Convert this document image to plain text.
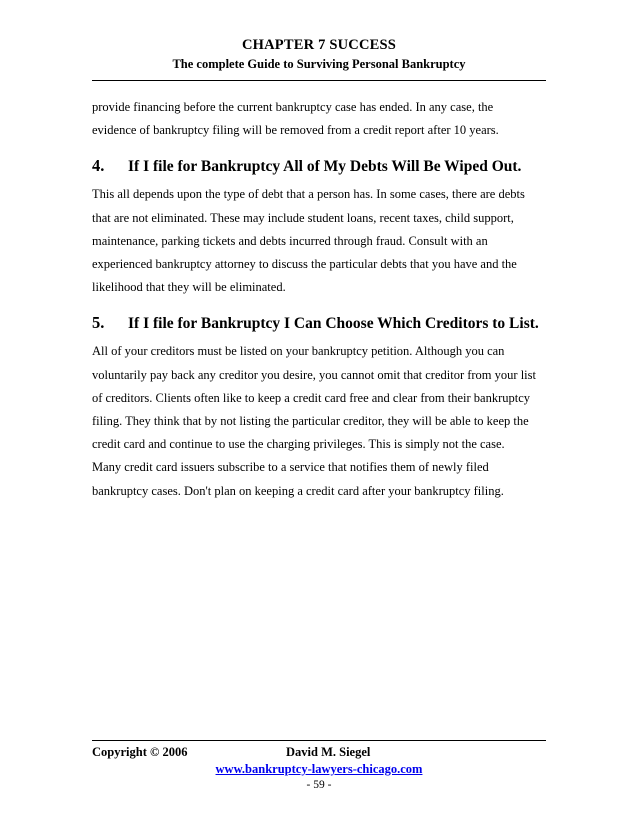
CHAPTER 7 SUCCESS
The complete Guide to Surviving Personal Bankruptcy

provide financing before the current bankruptcy case has ended. In any case, the

evidence of bankruptcy filing will be removed from a credit report after 10 years.

4.	If I file for Bankruptcy All of My Debts Will Be Wiped Out.

This all depends upon the type of debt that a person has. In some cases, there are debts

that are not eliminated. These may include student loans, recent taxes, child support,

maintenance, parking tickets and debts incurred through fraud. Consult with an

experienced bankruptcy attorney to discuss the particular debts that you have and the

likelihood that they will be eliminated.

5.	If I file for Bankruptcy I Can Choose Which Creditors to List.

All of your creditors must be listed on your bankruptcy petition. Although you can

voluntarily pay back any creditor you desire, you cannot omit that creditor from your list

of creditors. Clients often like to keep a credit card free and clear from their bankruptcy

filing. They think that by not listing the particular creditor, they will be able to keep the

credit card and continue to use the charging privileges. This is simply not the case.

Many credit card issuers subscribe to a service that notifies them of newly filed

bankruptcy cases. Don't plan on keeping a credit card after your bankruptcy filing.

Copyright © 2006	David M. Siegel
www.bankruptcy-lawyers-chicago.com
- 59 -
